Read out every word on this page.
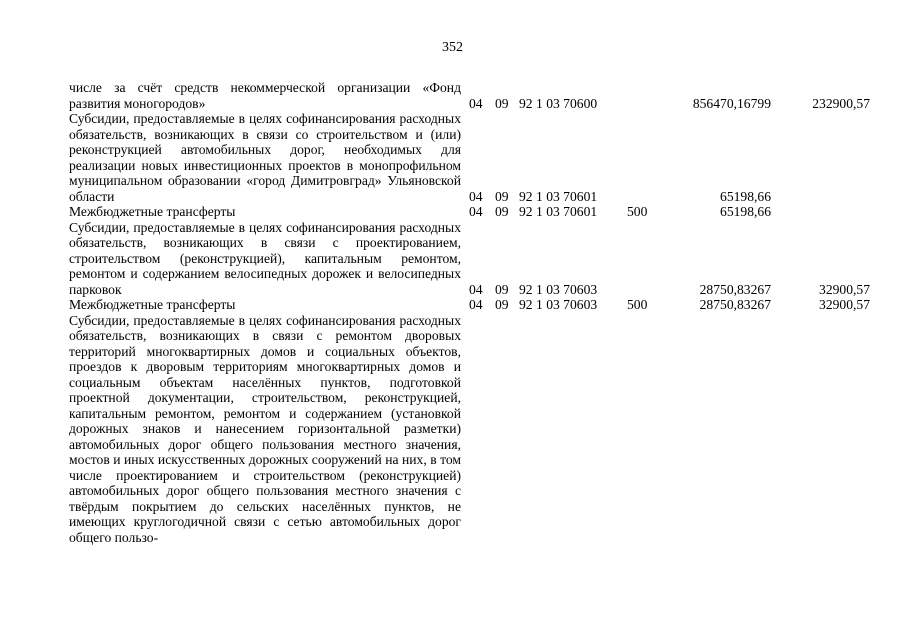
352
числе за счёт средств некоммерческой организации «Фонд развития моногородов»	04	09	92 1 03 70600		856470,16799	232900,57
Субсидии, предоставляемые в целях софинансирования расходных обязательств, возникающих в связи со строительством и (или) реконструкцией автомобильных дорог, необходимых для реализации новых инвестиционных проектов в монопрофильном муниципальном образовании «город Димитровград» Ульяновской области	04	09	92 1 03 70601		65198,66	
Межбюджетные трансферты	04	09	92 1 03 70601	500	65198,66	
Субсидии, предоставляемые в целях софинансирования расходных обязательств, возникающих в связи с проектированием, строительством (реконструкцией), капитальным ремонтом, ремонтом и содержанием велосипедных дорожек и велосипедных парковок	04	09	92 1 03 70603		28750,83267	32900,57
Межбюджетные трансферты	04	09	92 1 03 70603	500	28750,83267	32900,57
Субсидии, предоставляемые в целях софинансирования расходных обязательств, возникающих в связи с ремонтом дворовых территорий многоквартирных домов и социальных объектов, проездов к дворовым территориям многоквартирных домов и социальным объектам населённых пунктов, подготовкой проектной документации, строительством, реконструкцией, капитальным ремонтом, ремонтом и содержанием (установкой дорожных знаков и нанесением горизонтальной разметки) автомобильных дорог общего пользования местного значения, мостов и иных искусственных дорожных сооружений на них, в том числе проектированием и строительством (реконструкцией) автомобильных дорог общего пользования местного значения с твёрдым покрытием до сельских населённых пунктов, не имеющих круглогодичной связи с сетью автомобильных дорог общего пользо-						
